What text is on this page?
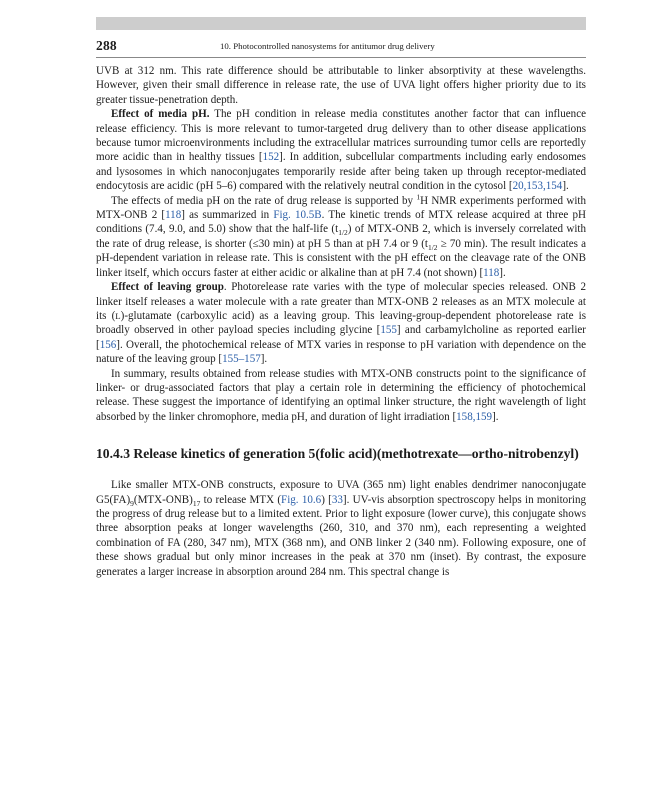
288	10. Photocontrolled nanosystems for antitumor drug delivery

UVB at 312 nm. This rate difference should be attributable to linker absorptivity at these wavelengths. However, given their small difference in release rate, the use of UVA light offers higher priority due to its greater tissue-penetration depth.

Effect of media pH. The pH condition in release media constitutes another factor that can influence release efficiency. This is more relevant to tumor-targeted drug delivery than to other disease applications because tumor microenvironments including the extracellular matrices surrounding tumor cells are reportedly more acidic than in healthy tissues [152]. In addition, subcellular compartments including early endosomes and lysosomes in which nanoconjugates temporarily reside after being taken up through receptor-mediated endocytosis are acidic (pH 5–6) compared with the relatively neutral condition in the cytosol [20,153,154].

The effects of media pH on the rate of drug release is supported by $^1$H NMR experiments performed with MTX-ONB 2 [118] as summarized in Fig. 10.5B. The kinetic trends of MTX release acquired at three pH conditions (7.4, 9.0, and 5.0) show that the half-life $(t_{1/2})$ of MTX-ONB 2, which is inversely correlated with the rate of drug release, is shorter (≤30 min) at pH 5 than at pH 7.4 or 9 ($t_{1/2} \ge 70$ min). The result indicates a pH-dependent variation in release rate. This is consistent with the pH effect on the cleavage rate of the ONB linker itself, which occurs faster at either acidic or alkaline than at pH 7.4 (not shown) [118].

Effect of leaving group. Photorelease rate varies with the type of molecular species released. ONB 2 linker itself releases a water molecule with a rate greater than MTX-ONB 2 releases as an MTX molecule at its (L)-glutamate (carboxylic acid) as a leaving group. This leaving-group-dependent photorelease rate is broadly observed in other payload species including glycine [155] and carbamylcholine as reported earlier [156]. Overall, the photochemical release of MTX varies in response to pH variation with dependence on the nature of the leaving group [155–157].

In summary, results obtained from release studies with MTX-ONB constructs point to the significance of linker- or drug-associated factors that play a certain role in determining the efficiency of photochemical release. These suggest the importance of identifying an optimal linker structure, the right wavelength of light absorbed by the linker chromophore, media pH, and duration of light irradiation [158,159].

10.4.3 Release kinetics of generation 5(folic acid)(methotrexate—ortho-nitrobenzyl)

Like smaller MTX-ONB constructs, exposure to UVA (365 nm) light enables dendrimer nanoconjugate $G5(FA)_9(MTX-ONB)_{17}$ to release MTX (Fig. 10.6) [33]. UV-vis absorption spectroscopy helps in monitoring the progress of drug release but to a limited extent. Prior to light exposure (lower curve), this conjugate shows three absorption peaks at longer wavelengths (260, 310, and 370 nm), each representing a weighted combination of FA (280, 347 nm), MTX (368 nm), and ONB linker 2 (340 nm). Following exposure, one of these shows gradual but only minor increases in the peak at 370 nm (inset). By contrast, the exposure generates a larger increase in absorption around 284 nm. This spectral change is
